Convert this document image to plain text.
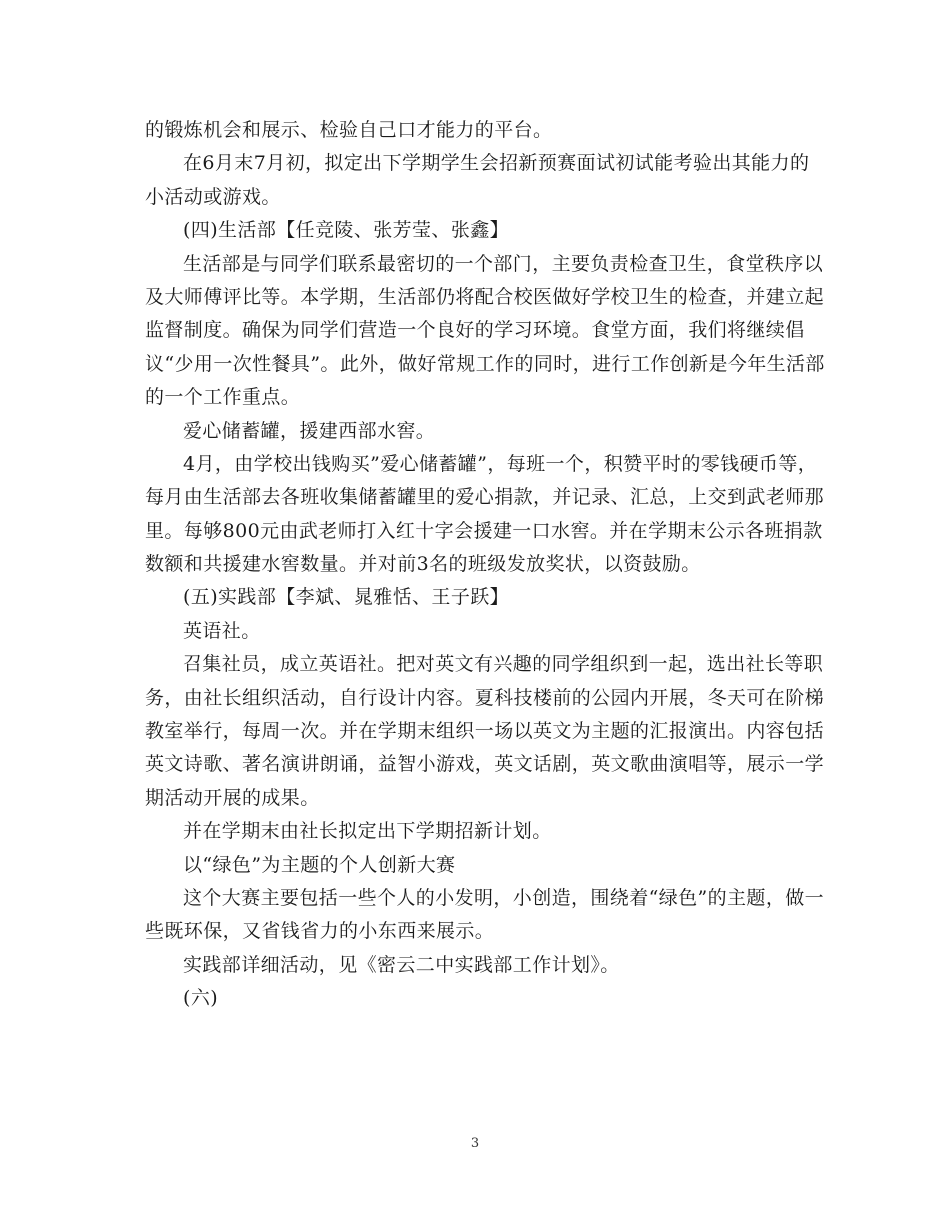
的锻炼机会和展示、检验自己口才能力的平台。
在6月末7月初，拟定出下学期学生会招新预赛面试初试能考验出其能力的
小活动或游戏。
(四)生活部【任竞陵、张芳莹、张鑫】
生活部是与同学们联系最密切的一个部门，主要负责检查卫生，食堂秩序以
及大师傅评比等。本学期，生活部仍将配合校医做好学校卫生的检查，并建立起
监督制度。确保为同学们营造一个良好的学习环境。食堂方面，我们将继续倡
议“少用一次性餐具”。此外，做好常规工作的同时，进行工作创新是今年生活部
的一个工作重点。
爱心储蓄罐，援建西部水窖。
4月，由学校出钱购买”爱心储蓄罐”，每班一个，积赞平时的零钱硬币等，
每月由生活部去各班收集储蓄罐里的爱心捐款，并记录、汇总，上交到武老师那
里。每够800元由武老师打入红十字会援建一口水窖。并在学期末公示各班捐款
数额和共援建水窖数量。并对前3名的班级发放奖状，以资鼓励。
(五)实践部【李斌、晁雅恬、王子跃】
英语社。
召集社员，成立英语社。把对英文有兴趣的同学组织到一起，选出社长等职
务，由社长组织活动，自行设计内容。夏科技楼前的公园内开展，冬天可在阶梯
教室举行，每周一次。并在学期末组织一场以英文为主题的汇报演出。内容包括
英文诗歌、著名演讲朗诵，益智小游戏，英文话剧，英文歌曲演唱等，展示一学
期活动开展的成果。
并在学期末由社长拟定出下学期招新计划。
以“绿色”为主题的个人创新大赛
这个大赛主要包括一些个人的小发明，小创造，围绕着“绿色”的主题，做一
些既环保，又省钱省力的小东西来展示。
实践部详细活动，见《密云二中实践部工作计划》。
(六)
3
